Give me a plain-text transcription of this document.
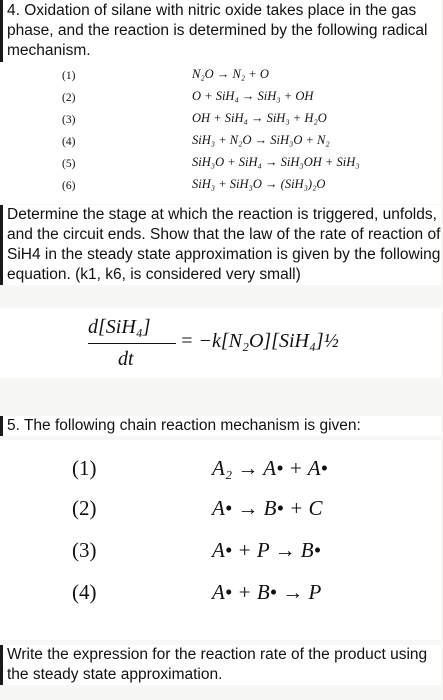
4. Oxidation of silane with nitric oxide takes place in the gas phase, and the reaction is determined by the following radical mechanism.
(1)	N₂O → N₂ + O
(2)	O + SiH₄ → SiH₃ + OH
(3)	OH + SiH₄ → SiH₃ + H₂O
(4)	SiH₃ + N₂O → SiH₃O + N₂
(5)	SiH₃O + SiH₄ → SiH₃OH + SiH₃
(6)	SiH₃ + SiH₃O → (SiH₃)₂O
Determine the stage at which the reaction is triggered, unfolds, and the circuit ends. Show that the law of the rate of reaction of SiH4 in the steady state approximation is given by the following equation. (k1, k6, is considered very small)
d[SiH₄]
dt
= −k[N₂O][SiH₄]½
5. The following chain reaction mechanism is given:
(1)	A₂ → A• + A•
(2)	A• → B• + C
(3)	A• + P → B•
(4)	A• + B• → P
Write the expression for the reaction rate of the product using the steady state approximation.
